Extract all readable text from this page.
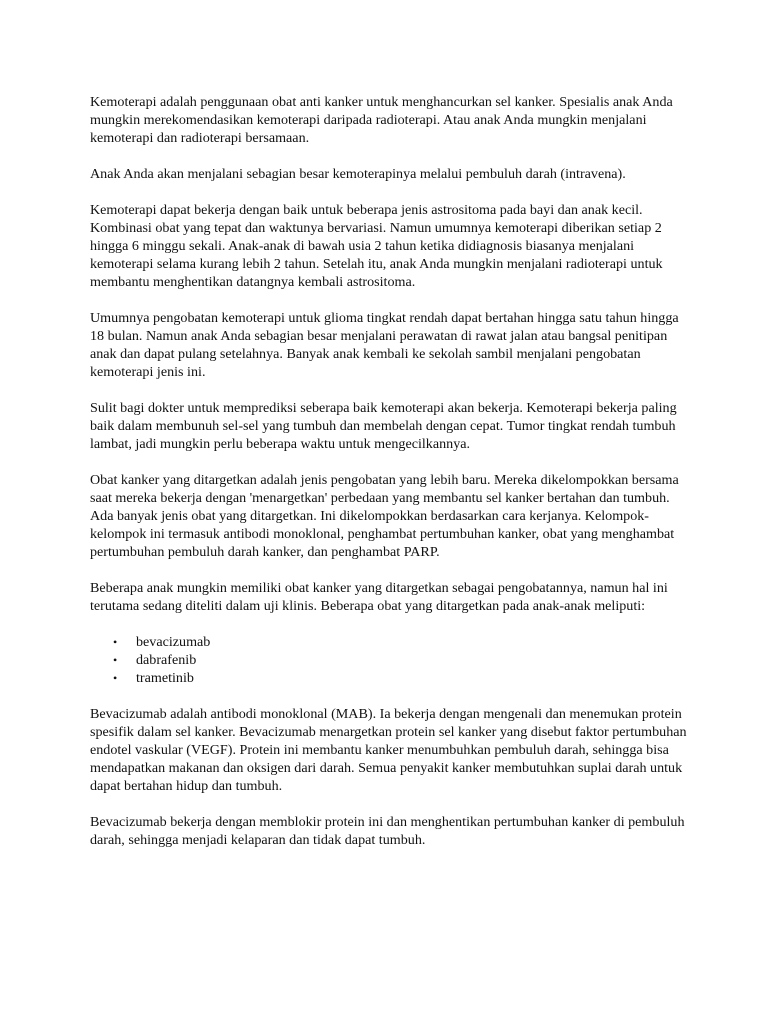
Kemoterapi adalah penggunaan obat anti kanker untuk menghancurkan sel kanker. Spesialis anak Anda mungkin merekomendasikan kemoterapi daripada radioterapi. Atau anak Anda mungkin menjalani kemoterapi dan radioterapi bersamaan.

Anak Anda akan menjalani sebagian besar kemoterapinya melalui pembuluh darah (intravena).

Kemoterapi dapat bekerja dengan baik untuk beberapa jenis astrositoma pada bayi dan anak kecil. Kombinasi obat yang tepat dan waktunya bervariasi. Namun umumnya kemoterapi diberikan setiap 2 hingga 6 minggu sekali. Anak-anak di bawah usia 2 tahun ketika didiagnosis biasanya menjalani kemoterapi selama kurang lebih 2 tahun. Setelah itu, anak Anda mungkin menjalani radioterapi untuk membantu menghentikan datangnya kembali astrositoma.

Umumnya pengobatan kemoterapi untuk glioma tingkat rendah dapat bertahan hingga satu tahun hingga 18 bulan. Namun anak Anda sebagian besar menjalani perawatan di rawat jalan atau bangsal penitipan anak dan dapat pulang setelahnya. Banyak anak kembali ke sekolah sambil menjalani pengobatan kemoterapi jenis ini.

Sulit bagi dokter untuk memprediksi seberapa baik kemoterapi akan bekerja. Kemoterapi bekerja paling baik dalam membunuh sel-sel yang tumbuh dan membelah dengan cepat. Tumor tingkat rendah tumbuh lambat, jadi mungkin perlu beberapa waktu untuk mengecilkannya.

Obat kanker yang ditargetkan adalah jenis pengobatan yang lebih baru. Mereka dikelompokkan bersama saat mereka bekerja dengan 'menargetkan' perbedaan yang membantu sel kanker bertahan dan tumbuh. Ada banyak jenis obat yang ditargetkan. Ini dikelompokkan berdasarkan cara kerjanya. Kelompok-kelompok ini termasuk antibodi monoklonal, penghambat pertumbuhan kanker, obat yang menghambat pertumbuhan pembuluh darah kanker, dan penghambat PARP.

Beberapa anak mungkin memiliki obat kanker yang ditargetkan sebagai pengobatannya, namun hal ini terutama sedang diteliti dalam uji klinis. Beberapa obat yang ditargetkan pada anak-anak meliputi:

• bevacizumab
• dabrafenib
• trametinib

Bevacizumab adalah antibodi monoklonal (MAB). Ia bekerja dengan mengenali dan menemukan protein spesifik dalam sel kanker. Bevacizumab menargetkan protein sel kanker yang disebut faktor pertumbuhan endotel vaskular (VEGF). Protein ini membantu kanker menumbuhkan pembuluh darah, sehingga bisa mendapatkan makanan dan oksigen dari darah. Semua penyakit kanker membutuhkan suplai darah untuk dapat bertahan hidup dan tumbuh.

Bevacizumab bekerja dengan memblokir protein ini dan menghentikan pertumbuhan kanker di pembuluh darah, sehingga menjadi kelaparan dan tidak dapat tumbuh.
